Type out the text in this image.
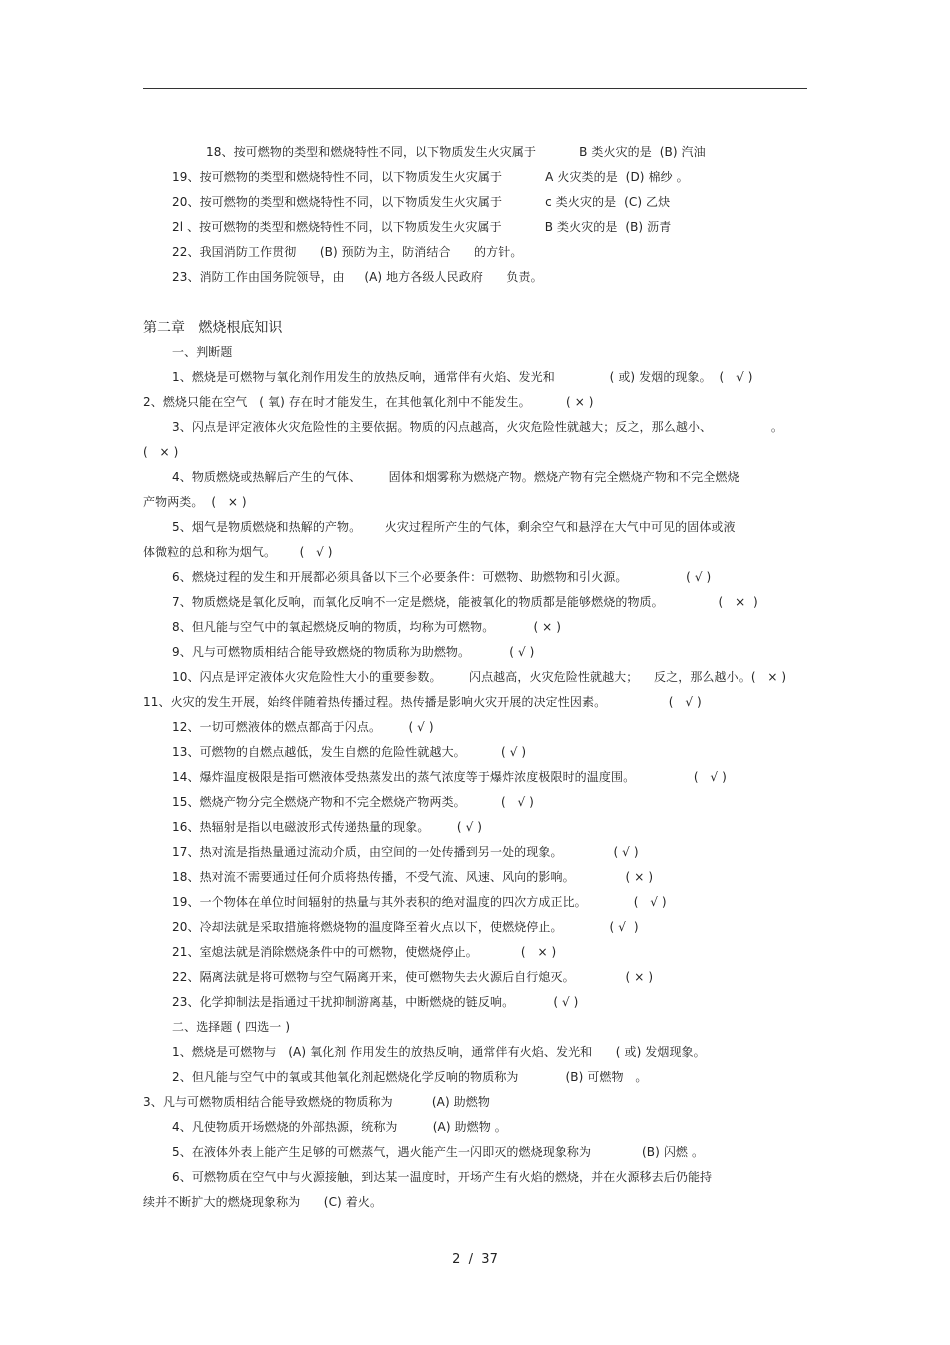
18、按可燃物的类型和燃烧特性不同，以下物质发生火灾属于           B 类火灾的是  (B) 汽油
19、按可燃物的类型和燃烧特性不同，以下物质发生火灾属于           A 火灾类的是  (D) 棉纱 。
20、按可燃物的类型和燃烧特性不同，以下物质发生火灾属于           c 类火灾的是  (C) 乙炔
2l 、按可燃物的类型和燃烧特性不同，以下物质发生火灾属于           B 类火灾的是  (B) 沥青
22、我国消防工作贯彻      (B) 预防为主，防消结合      的方针。
23、消防工作由国务院领导，由     (A) 地方各级人民政府      负责。
第二章   燃烧根底知识
一、判断题
1、燃烧是可燃物与氧化剂作用发生的放热反响，通常伴有火焰、发光和              ( 或) 发烟的现象。  (   √ )
2、燃烧只能在空气   ( 氧) 存在时才能发生，在其他氧化剂中不能发生。         ( × )
3、闪点是评定液体火灾危险性的主要依据。物质的闪点越高，火灾危险性就越大；反之，那么越小、               。
(   × )
4、物质燃烧或热解后产生的气体、       固体和烟雾称为燃烧产物。燃烧产物有完全燃烧产物和不完全燃烧
产物两类。  (   × )
5、烟气是物质燃烧和热解的产物。      火灾过程所产生的气体，剩余空气和悬浮在大气中可见的固体或液
体微粒的总和称为烟气。      (   √ )
6、燃烧过程的发生和开展都必须具备以下三个必要条件：可燃物、助燃物和引火源。               ( √ )
7、物质燃烧是氧化反响，而氧化反响不一定是燃烧，能被氧化的物质都是能够燃烧的物质。              (   ×  )
8、但凡能与空气中的氧起燃烧反响的物质，均称为可燃物。          ( × )
9、凡与可燃物质相结合能导致燃烧的物质称为助燃物。          ( √ )
10、闪点是评定液体火灾危险性大小的重要参数。       闪点越高，火灾危险性就越大；    反之，那么越小。(   × )
11、火灾的发生开展，始终伴随着热传播过程。热传播是影响火灾开展的决定性因素。                (   √ )
12、一切可燃液体的燃点都高于闪点。       ( √ )
13、可燃物的自燃点越低，发生自燃的危险性就越大。         ( √ )
14、爆炸温度极限是指可燃液体受热蒸发出的蒸气浓度等于爆炸浓度极限时的温度围。               (   √ )
15、燃烧产物分完全燃烧产物和不完全燃烧产物两类。         (   √ )
16、热辐射是指以电磁波形式传递热量的现象。       ( √ )
17、热对流是指热量通过流动介质，由空间的一处传播到另一处的现象。             ( √ )
18、热对流不需要通过任何介质将热传播，不受气流、风速、风向的影响。             ( × )
19、一个物体在单位时间辐射的热量与其外表积的绝对温度的四次方成正比。            (   √ )
20、冷却法就是采取措施将燃烧物的温度降至着火点以下，使燃烧停止。            ( √  )
21、室熄法就是消除燃烧条件中的可燃物，使燃烧停止。           (   × )
22、隔离法就是将可燃物与空气隔离开来，使可燃物失去火源后自行熄灭。             ( × )
23、化学抑制法是指通过干扰抑制游离基，中断燃烧的链反响。          ( √ )
二、选择题 ( 四选一 )
1、燃烧是可燃物与   (A) 氧化剂 作用发生的放热反响，通常伴有火焰、发光和      ( 或) 发烟现象。
2、但凡能与空气中的氧或其他氧化剂起燃烧化学反响的物质称为            (B) 可燃物   。
3、凡与可燃物质相结合能导致燃烧的物质称为          (A) 助燃物
4、凡使物质开场燃烧的外部热源，统称为         (A) 助燃物 。
5、在液体外表上能产生足够的可燃蒸气，遇火能产生一闪即灭的燃烧现象称为             (B) 闪燃 。
6、可燃物质在空气中与火源接触，到达某一温度时，开场产生有火焰的燃烧，并在火源移去后仍能持
续并不断扩大的燃烧现象称为      (C) 着火。
2  /  37
